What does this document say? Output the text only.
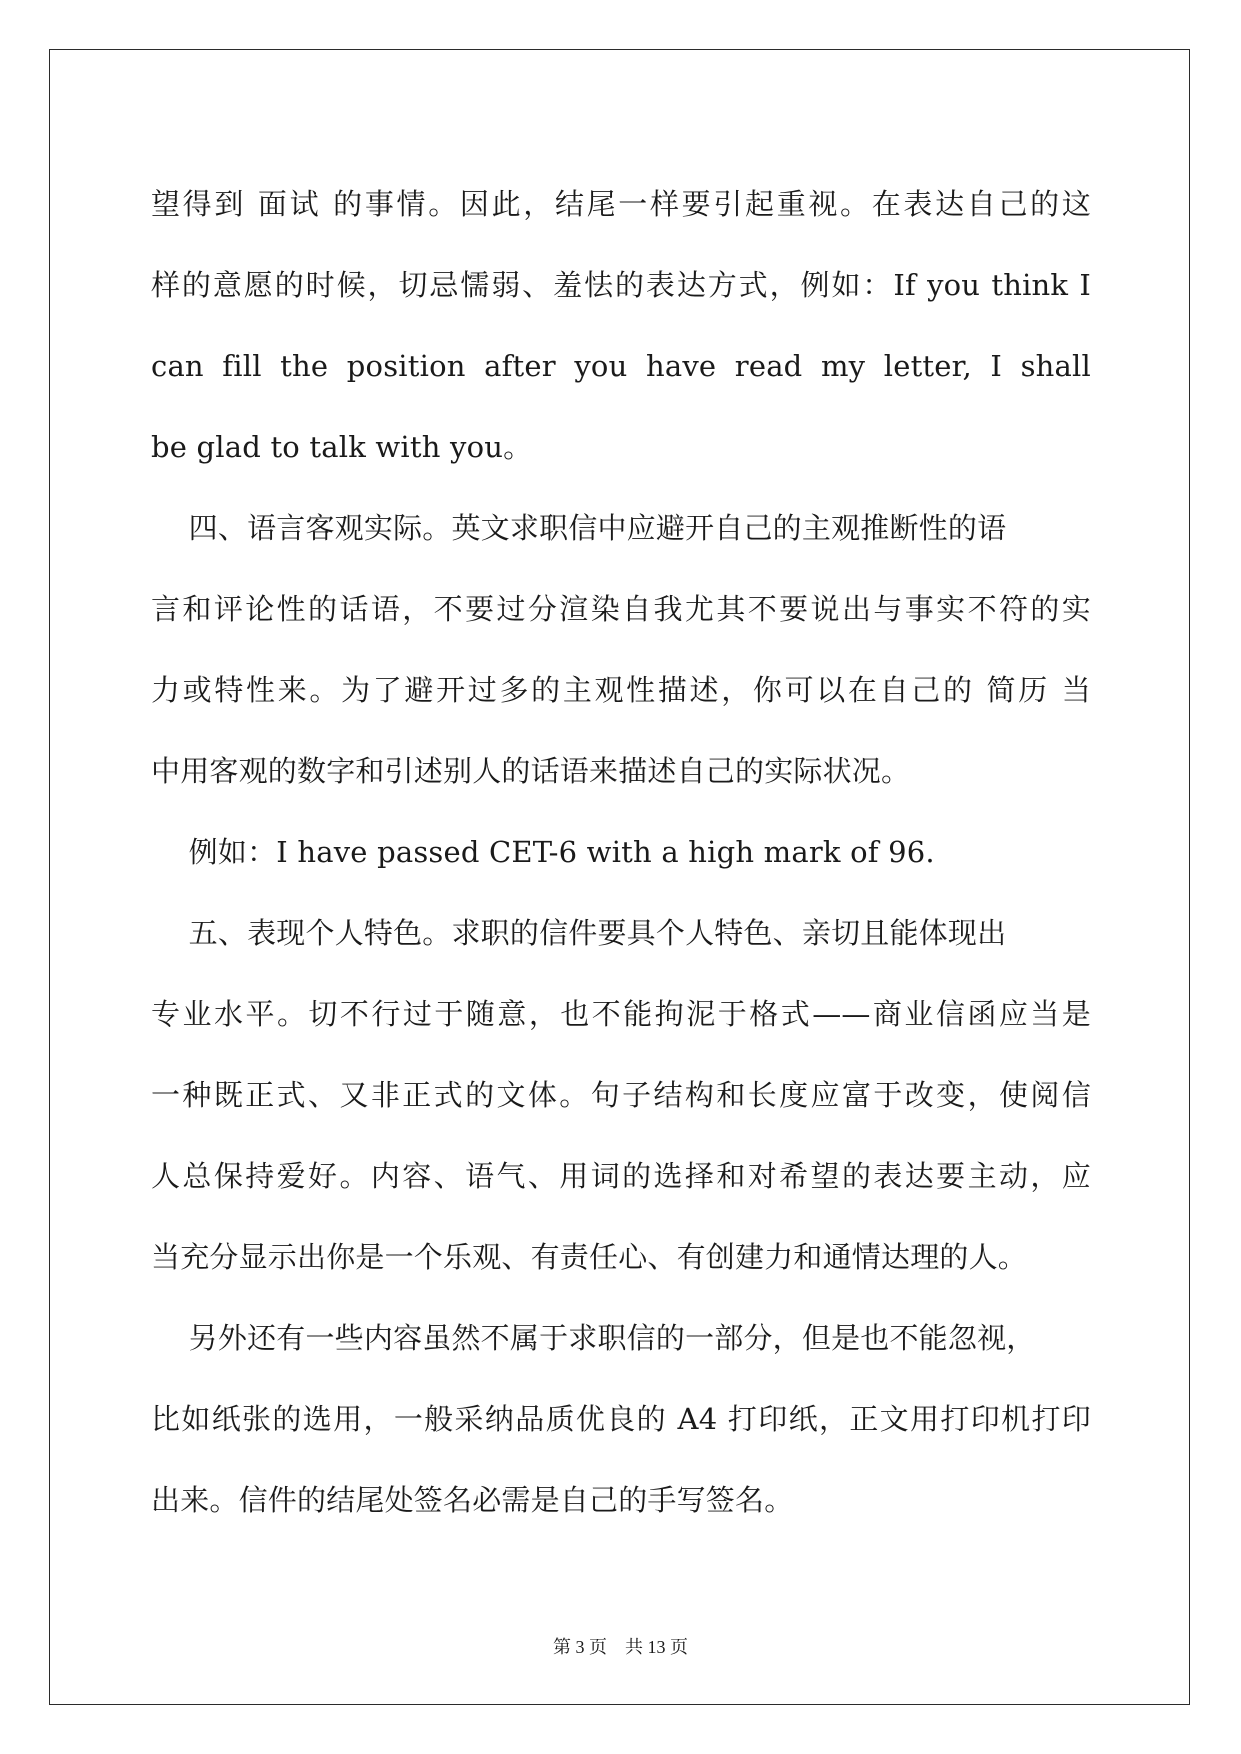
望得到 面试 的事情。因此，结尾一样要引起重视。在表达自己的这
样的意愿的时候，切忌懦弱、羞怯的表达方式，例如：If you think I
can fill the position after you have read my letter, I shall
be glad to talk with you。
四、语言客观实际。英文求职信中应避开自己的主观推断性的语
言和评论性的话语，不要过分渲染自我尤其不要说出与事实不符的实
力或特性来。为了避开过多的主观性描述，你可以在自己的 简历 当
中用客观的数字和引述别人的话语来描述自己的实际状况。
例如：I have passed CET-6 with a high mark of 96.
五、表现个人特色。求职的信件要具个人特色、亲切且能体现出
专业水平。切不行过于随意，也不能拘泥于格式——商业信函应当是
一种既正式、又非正式的文体。句子结构和长度应富于改变，使阅信
人总保持爱好。内容、语气、用词的选择和对希望的表达要主动，应
当充分显示出你是一个乐观、有责任心、有创建力和通情达理的人。
另外还有一些内容虽然不属于求职信的一部分，但是也不能忽视，
比如纸张的选用，一般采纳品质优良的 A4 打印纸，正文用打印机打印
出来。信件的结尾处签名必需是自己的手写签名。
第 3 页    共 13 页
